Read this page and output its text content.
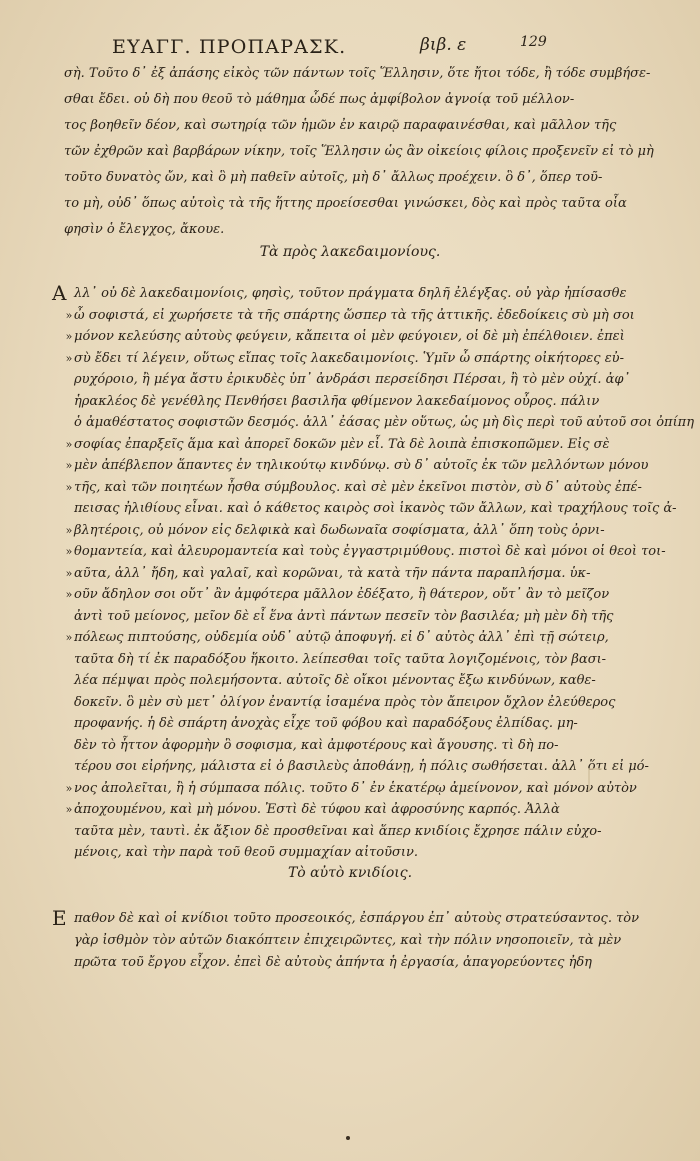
ΕΥΑΓΓ. ΠΡΟΠΑΡΑΣΚ.	βιβ. ε	129
σὴ. Τοῦτο δ᾽ ἐξ ἀπάσης εἰκὸς τῶν πάντων τοῖς Ἕλλησιν, ὅτε ἤτοι τόδε, ἢ τόδε συμβήσε-
σθαι ἔδει. οὐ δὴ που θεοῦ τὸ μάθημα ὧδέ πως ἀμφίβολον ἀγνοίᾳ τοῦ μέλλον-
τος βοηθεῖν δέον, καὶ σωτηρίᾳ τῶν ἡμῶν ἐν καιρῷ παραφαινέσθαι, καὶ μᾶλλον τῆς
τῶν ἐχθρῶν καὶ βαρβάρων νίκην, τοῖς Ἕλλησιν ὡς ἂν οἰκείοις φίλοις προξενεῖν εἰ τὸ μὴ
τοῦτο δυνατὸς ὤν, καὶ ὃ μὴ παθεῖν αὐτοῖς, μὴ δ᾽ ἄλλως προέχειν. ὃ δ᾽, ὅπερ τοῦ-
το μὴ, οὐδ᾽ ὅπως αὐτοὶς τὰ τῆς ἥττης προείσεσθαι γινώσκει, δὸς καὶ πρὸς ταῦτα οἷα
φησὶν ὁ ἔλεγχος, ἄκουε.
Τὰ πρὸς λακεδαιμονίους.
Α λλ᾽ οὐ δὲ λακεδαιμονίοις, φησὶς, τοῦτον πράγματα δηλῆ ἐλέγξας. οὐ γὰρ ἠπίσασθε
» ὦ σοφιστά, εἰ χωρήσετε τὰ τῆς σπάρτης ὥσπερ τὰ τῆς ἀττικῆς. ἐδεδοίκεις σὺ μὴ σοι
» μόνον κελεύσης αὐτοὺς φεύγειν, κἄπειτα οἱ μὲν φεύγοιεν, οἱ δὲ μὴ ἐπέλθοιεν. ἐπεὶ
» σὺ ἔδει τί λέγειν, οὕτως εἴπας τοῖς λακεδαιμονίοις. Ὑμῖν ὦ σπάρτης οἰκήτορες εὐ-
ρυχόροιο, ἢ μέγα ἄστυ ἐρικυδὲς ὑπ᾽ ἀνδράσι περσείδησι Πέρσαι, ἢ τὸ μὲν οὐχί. ἀφ᾽
ἡρακλέος δὲ γενέθλης Πενθήσει βασιλῆα φθίμενον λακεδαίμονος οὖρος. πάλιν
ὁ ἀμαθέστατος σοφιστῶν δεσμός. ἀλλ᾽ ἐάσας μὲν οὕτως, ὡς μὴ δὶς περὶ τοῦ αὐτοῦ σοι ὀπίπη
» σοφίας ἐπαρξεῖς ἅμα καὶ ἀπορεῖ δοκῶν μὲν εἶ. Τὰ δὲ λοιπὰ ἐπισκοπῶμεν. Εἰς σὲ
» μὲν ἀπέβλεπον ἅπαντες ἐν τηλικούτῳ κινδύνῳ. σὺ δ᾽ αὐτοῖς ἐκ τῶν μελλόντων μόνου
» τῆς, καὶ τῶν ποιητέων ἦσθα σύμβουλος. καὶ σὲ μὲν ἐκεῖνοι πιστὸν, σὺ δ᾽ αὐτοὺς ἐπέ-
πεισας ἠλιθίους εἶναι. καὶ ὁ κάθετος καιρὸς σοὶ ἱκανὸς τῶν ἄλλων, καὶ τραχήλους τοῖς ἀ-
» βλητέροις, οὐ μόνον εἰς δελφικὰ καὶ δωδωναῖα σοφίσματα, ἀλλ᾽ ὅπη τοὺς ὀρνι-
» θομαντεία, καὶ ἀλευρομαντεία καὶ τοὺς ἐγγαστριμύθους. πιστοὶ δὲ καὶ μόνοι οἱ θεοὶ τοι-
» αῦτα, ἀλλ᾽ ἤδη, καὶ γαλαῖ, καὶ κορῶναι, τὰ κατὰ τῆν πάντα παραπλήσμα. ὑκ-
» οῦν ἄδηλον σοι οὔτ᾽ ἂν ἀμφότερα μᾶλλον ἐδέξατο, ἢ θάτερον, οὔτ᾽ ἂν τὸ μεῖζον
ἀντὶ τοῦ μείονος, μεῖον δὲ εἶ ἕνα ἀντὶ πάντων πεσεῖν τὸν βασιλέα; μὴ μὲν δὴ τῆς
» πόλεως πιπτούσης, οὐδεμία οὐδ᾽ αὐτῷ ἀποφυγή. εἰ δ᾽ αὐτὸς ἀλλ᾽ ἐπὶ τῇ σώτειρ,
ταῦτα δὴ τί ἐκ παραδόξου ἥκοιτο. λείπεσθαι τοῖς ταῦτα λογιζομένοις, τὸν βασι-
λέα πέμψαι πρὸς πολεμήσοντα. αὐτοῖς δὲ οἴκοι μένοντας ἔξω κινδύνων, καθε-
δοκεῖν. ὃ μὲν σὺ μετ᾽ ὀλίγον ἐναντίᾳ ἰσαμένα πρὸς τὸν ἄπειρον ὄχλον ἐλεύθερος
προφανής. ἡ δὲ σπάρτη ἀνοχὰς εἶχε τοῦ φόβου καὶ παραδόξους ἐλπίδας. μη-
δὲν τὸ ἧττον ἀφορμὴν ὃ σοφισμα, καὶ ἀμφοτέρους καὶ ἄγουσης. τὶ δὴ πο-
τέρου σοι εἰρήνης, μάλιστα εἰ ὁ βασιλεὺς ἀποθάνῃ, ἡ πόλις σωθήσεται. ἀλλ᾽ ὅτι εἰ μό-
» νος ἀπολεῖται, ἢ ἡ σύμπασα πόλις. τοῦτο δ᾽ ἐν ἑκατέρῳ ἀμείνονον, καὶ μόνον αὐτὸν
» ἀποχουμένου, καὶ μὴ μόνου. Ἐστὶ δὲ τύφου καὶ ἀφροσύνης καρπός. Ἀλλὰ
ταῦτα μὲν, ταυτὶ. ἐκ ἄξιον δὲ προσθεῖναι καὶ ἅπερ κνιδίοις ἔχρησε πάλιν εὐχο-
μένοις, καὶ τὴν παρὰ τοῦ θεοῦ συμμαχίαν αἰτοῦσιν.
Τὸ αὐτὸ κνιδίοις.
Ε παθον δὲ καὶ οἱ κνίδιοι τοῦτο προσεοικός, ἐσπάργου ἐπ᾽ αὐτοὺς στρατεύσαντος. τὸν
γὰρ ἰσθμὸν τὸν αὐτῶν διακόπτειν ἐπιχειρῶντες, καὶ τὴν πόλιν νησοποιεῖν, τὰ μὲν
πρῶτα τοῦ ἔργου εἶχον. ἐπεὶ δὲ αὐτοὺς ἀπήντα ἡ ἐργασία, ἀπαγορεύοντες ἠδη
